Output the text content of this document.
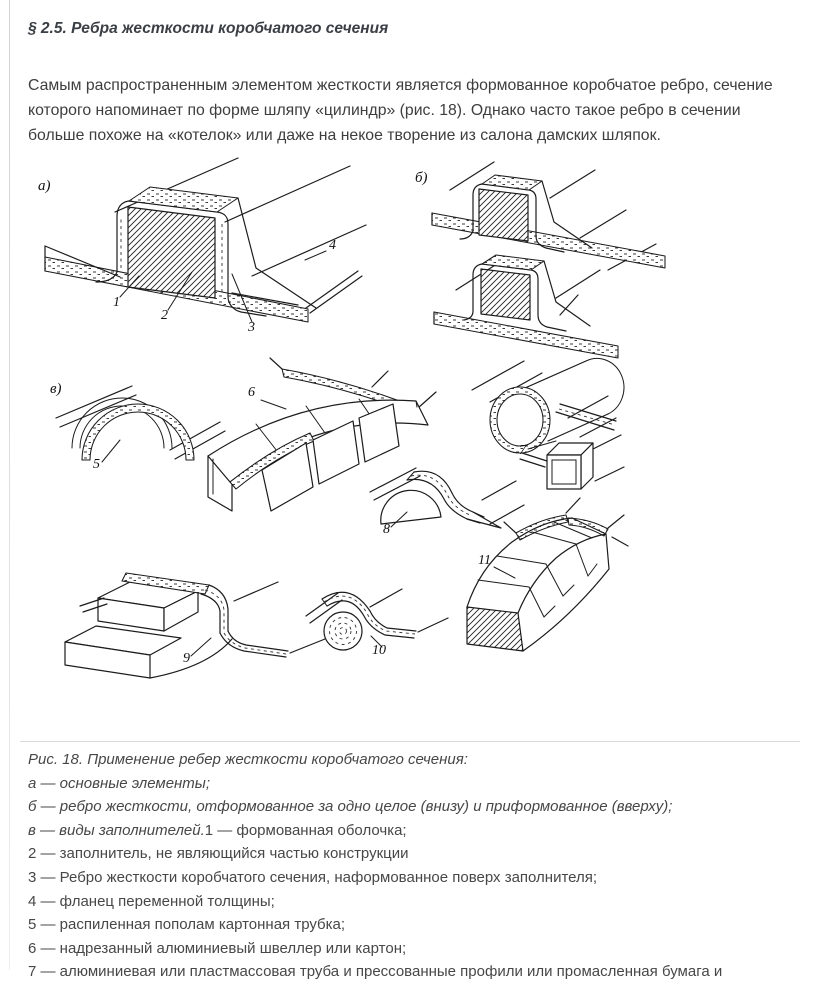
§ 2.5. Ребра жесткости коробчатого сечения

Самым распространенным элементом жесткости является формованное коробчатое ребро, сечение которого напоминает по форме шляпу «цилиндр» (рис. 18). Однако часто такое ребро в сечении больше похоже на «котелок» или даже на некое творение из салона дамских шляпок.

а)
1
2
3
4
б)
в)
5
6
7
8
9
10
11
Рис. 18. Применение ребер жесткости коробчатого сечения:
а — основные элементы;
б — ребро жесткости, отформованное за одно целое (внизу) и приформованное (вверху);
в — виды заполнителей.1 — формованная оболочка;
2 — заполнитель, не являющийся частью конструкции
3 — Ребро жесткости коробчатого сечения, наформованное поверх заполнителя;
4 — фланец переменной толщины;
5 — распиленная пополам картонная трубка;
6 — надрезанный алюминиевый швеллер или картон;
7 — алюминиевая или пластмассовая труба и прессованные профили или промасленная бумага и
